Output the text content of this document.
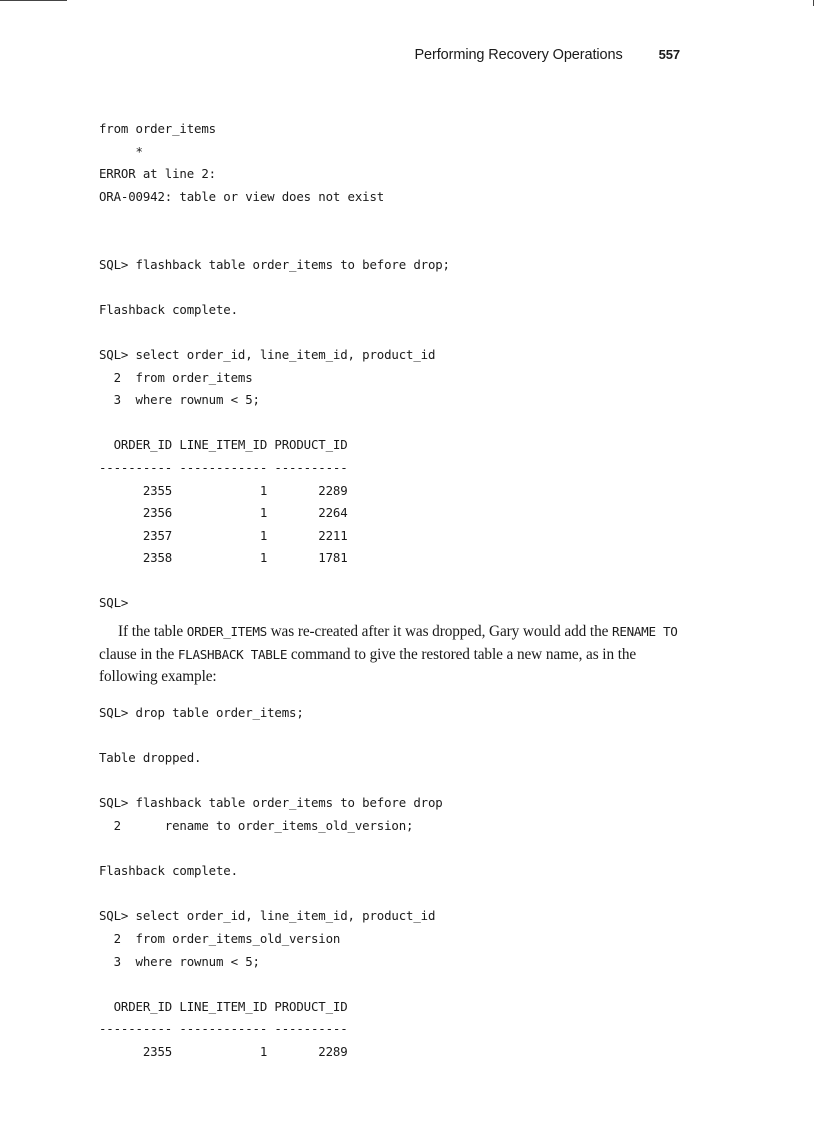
Performing Recovery Operations	557
from order_items
*
ERROR at line 2:
ORA-00942: table or view does not exist
SQL> flashback table order_items to before drop;
Flashback complete.
SQL> select order_id, line_item_id, product_id
2  from order_items
3  where rownum < 5;
ORDER_ID LINE_ITEM_ID PRODUCT_ID
---------- ------------ ----------
2355            1       2289
2356            1       2264
2357            1       2211
2358            1       1781
SQL>

If the table ORDER_ITEMS was re-created after it was dropped, Gary would add the RENAME TO clause in the FLASHBACK TABLE command to give the restored table a new name, as in the following example:

SQL> drop table order_items;
Table dropped.
SQL> flashback table order_items to before drop
2      rename to order_items_old_version;
Flashback complete.
SQL> select order_id, line_item_id, product_id
2  from order_items_old_version
3  where rownum < 5;
ORDER_ID LINE_ITEM_ID PRODUCT_ID
---------- ------------ ----------
2355            1       2289
